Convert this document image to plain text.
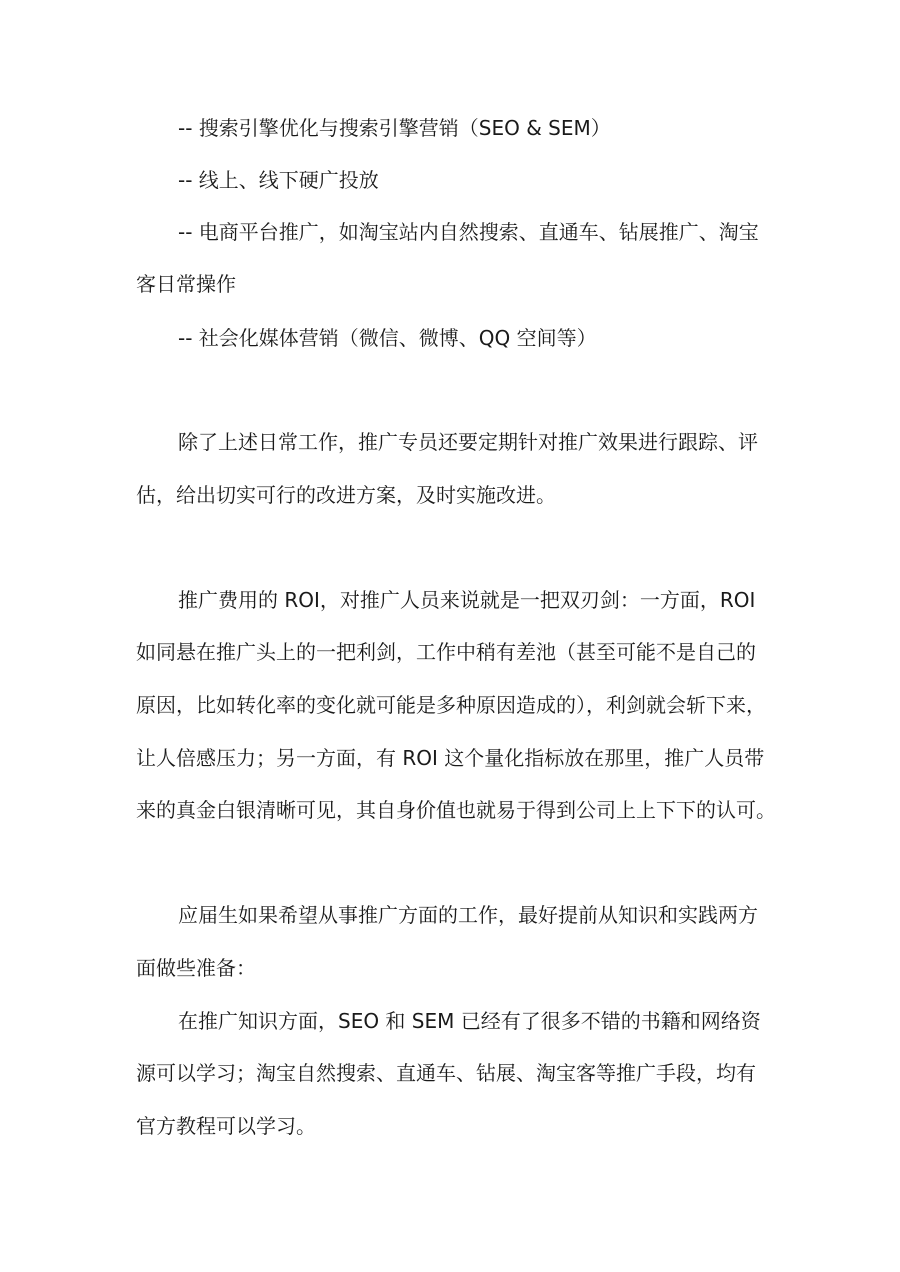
-- 搜索引擎优化与搜索引擎营销（SEO & SEM）
-- 线上、线下硬广投放
-- 电商平台推广，如淘宝站内自然搜索、直通车、钻展推广、淘宝
客日常操作
-- 社会化媒体营销（微信、微博、QQ 空间等）
除了上述日常工作，推广专员还要定期针对推广效果进行跟踪、评
估，给出切实可行的改进方案，及时实施改进。
推广费用的 ROI，对推广人员来说就是一把双刃剑：一方面，ROI
如同悬在推广头上的一把利剑，工作中稍有差池（甚至可能不是自己的
原因，比如转化率的变化就可能是多种原因造成的），利剑就会斩下来，
让人倍感压力；另一方面，有 ROI 这个量化指标放在那里，推广人员带
来的真金白银清晰可见，其自身价值也就易于得到公司上上下下的认可。
应届生如果希望从事推广方面的工作，最好提前从知识和实践两方
面做些准备：
在推广知识方面，SEO 和 SEM 已经有了很多不错的书籍和网络资
源可以学习；淘宝自然搜索、直通车、钻展、淘宝客等推广手段，均有
官方教程可以学习。
